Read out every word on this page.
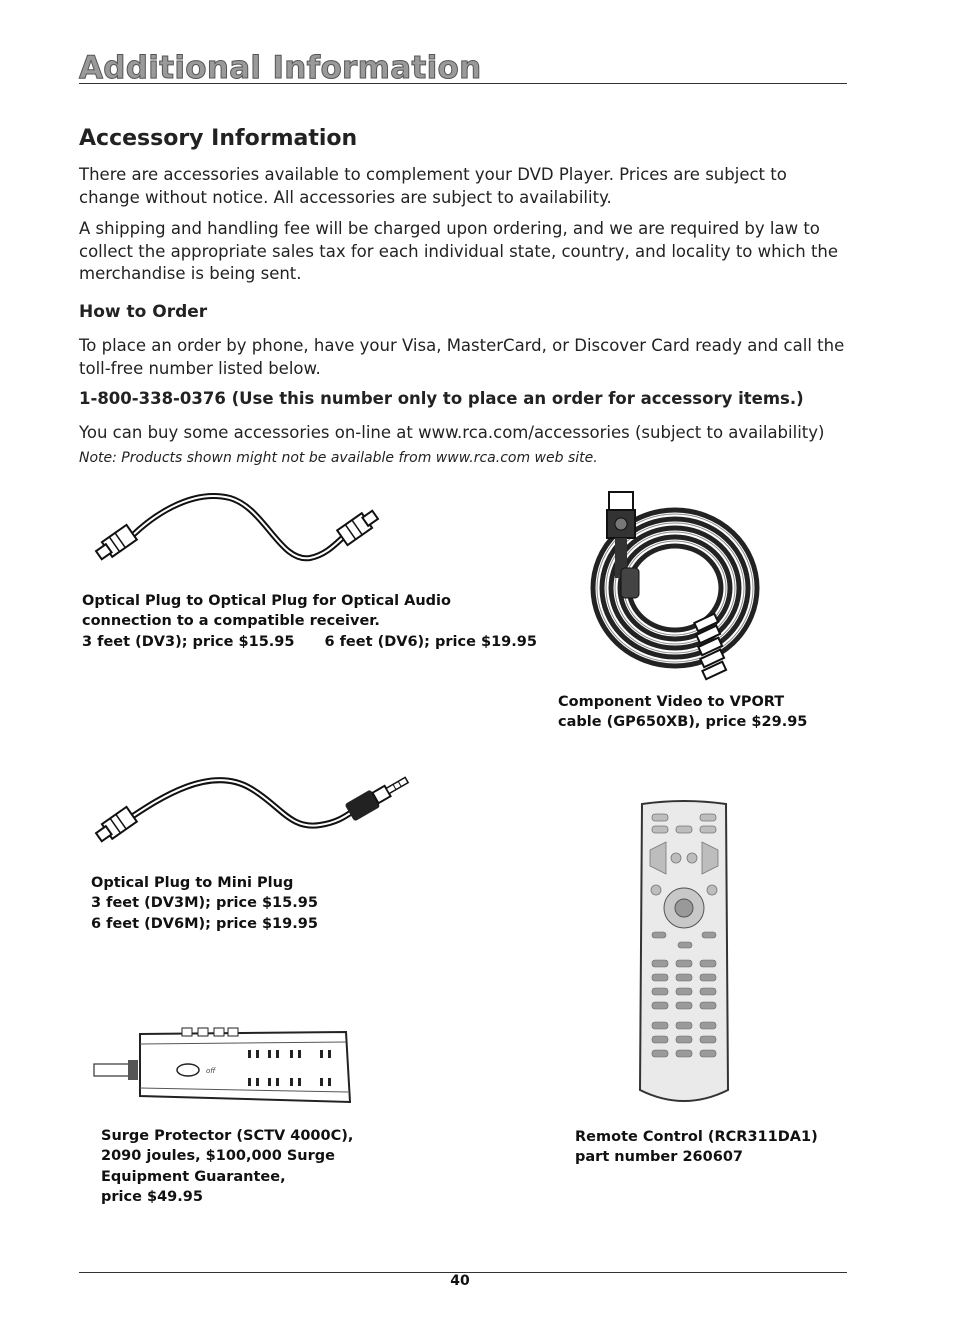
Additional Information
Accessory Information

There are accessories available to complement your DVD Player. Prices are subject to change without notice. All accessories are subject to availability.

A shipping and handling fee will be charged upon ordering, and we are required by law to collect the appropriate sales tax for each individual state, country, and locality to which the merchandise is being sent.

How to Order

To place an order by phone, have your Visa, MasterCard, or Discover Card ready and call the toll-free number listed below.

1-800-338-0376 (Use this number only to place an order for accessory items.)

You can buy some accessories on-line at www.rca.com/accessories (subject to availability)

Note: Products shown might not be available from www.rca.com web site.

Optical Plug to Optical Plug for Optical Audio
connection to a compatible receiver.
3 feet (DV3); price $15.95 6 feet (DV6); price $19.95
Component Video to VPORT
cable (GP650XB), price $29.95
Optical Plug to Mini Plug
3 feet (DV3M); price $15.95
6 feet (DV6M); price $19.95
Remote Control (RCR311DA1)
part number 260607
off
Surge Protector (SCTV 4000C),
2090 joules, $100,000 Surge
Equipment Guarantee,
price $49.95
40
